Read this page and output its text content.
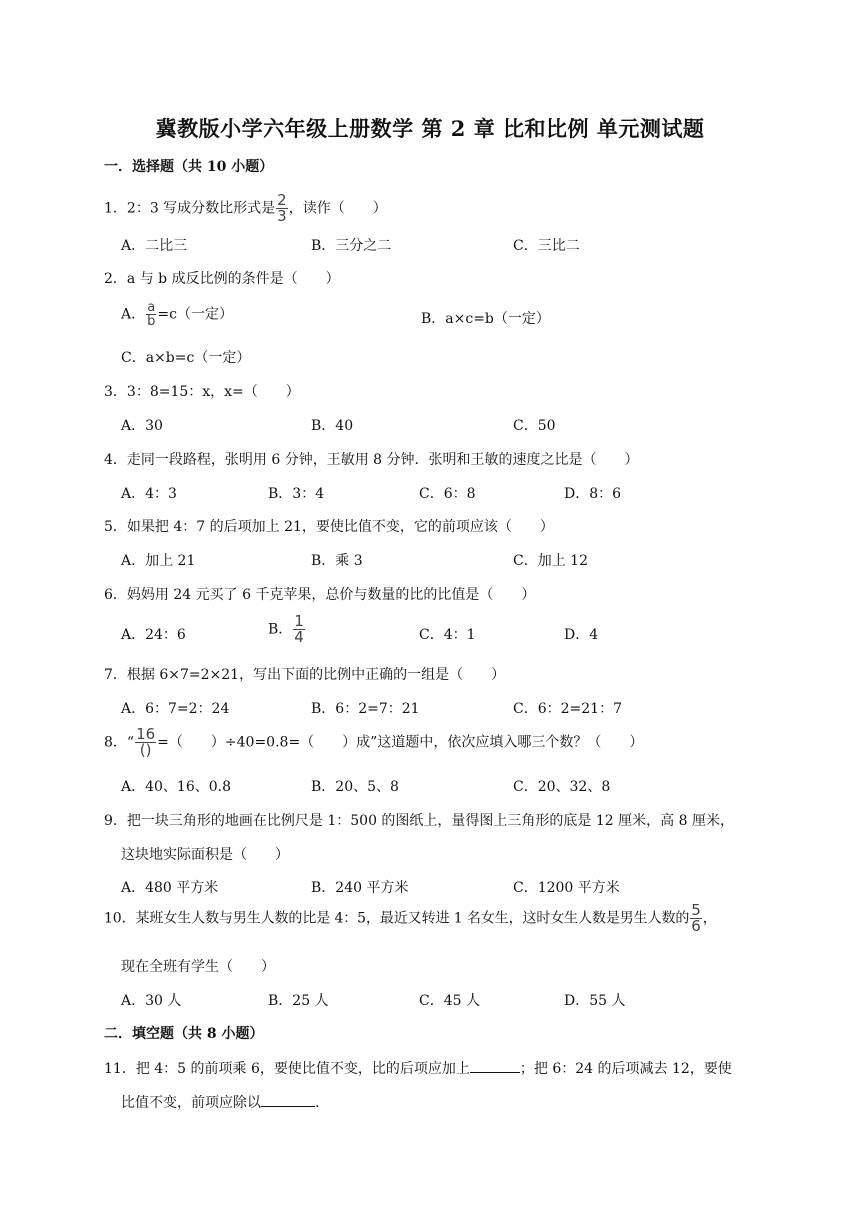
冀教版小学六年级上册数学 第 2 章 比和比例 单元测试题
一．选择题（共 10 小题）
1．2：3 写成分数比形式是 $\frac{2}{3}$ ，读作（　　）
A．二比三	B．三分之二	C．三比二
2．a 与 b 成反比例的条件是（　　）
A． $\frac{a}{b} =c$（一定）	B．a×c=b（一定）
C．a×b=c（一定）
3．3：8=15：x，x=（　　）
A．30	B．40	C．50
4．走同一段路程，张明用 6 分钟，王敏用 8 分钟．张明和王敏的速度之比是（　　）
A．4：3	B．3：4	C．6：8	D．8：6
5．如果把 4：7 的后项加上 21，要使比值不变，它的前项应该（　　）
A．加上 21	B．乘 3	C．加上 12
6．妈妈用 24 元买了 6 千克苹果，总价与数量的比的比值是（　　）
A．24：6	B． $\frac{1}{4}$	C．4：1	D．4
7．根据 6×7=2×21，写出下面的比例中正确的一组是（　　）
A．6：7=2：24	B．6：2=7：21	C．6：2=21：7
8．“ $\frac{16}{()}$ =（　　）÷40=0.8=（　　）成”这道题中，依次应填入哪三个数？（　　）
A．40、16、0.8	B．20、5、8	C．20、32、8
9．把一块三角形的地画在比例尺是 1：500 的图纸上，量得图上三角形的底是 12 厘米，高 8 厘米，
这块地实际面积是（　　）
A．480 平方米	B．240 平方米	C．1200 平方米
10．某班女生人数与男生人数的比是 4：5，最近又转进 1 名女生，这时女生人数是男生人数的 $\frac{5}{6}$ ，
现在全班有学生（　　）
A．30 人	B．25 人	C．45 人	D．55 人
二．填空题（共 8 小题）
11．把 4：5 的前项乘 6，要使比值不变，比的后项应加上	；把 6：24 的后项减去 12，要使
比值不变，前项应除以	.
